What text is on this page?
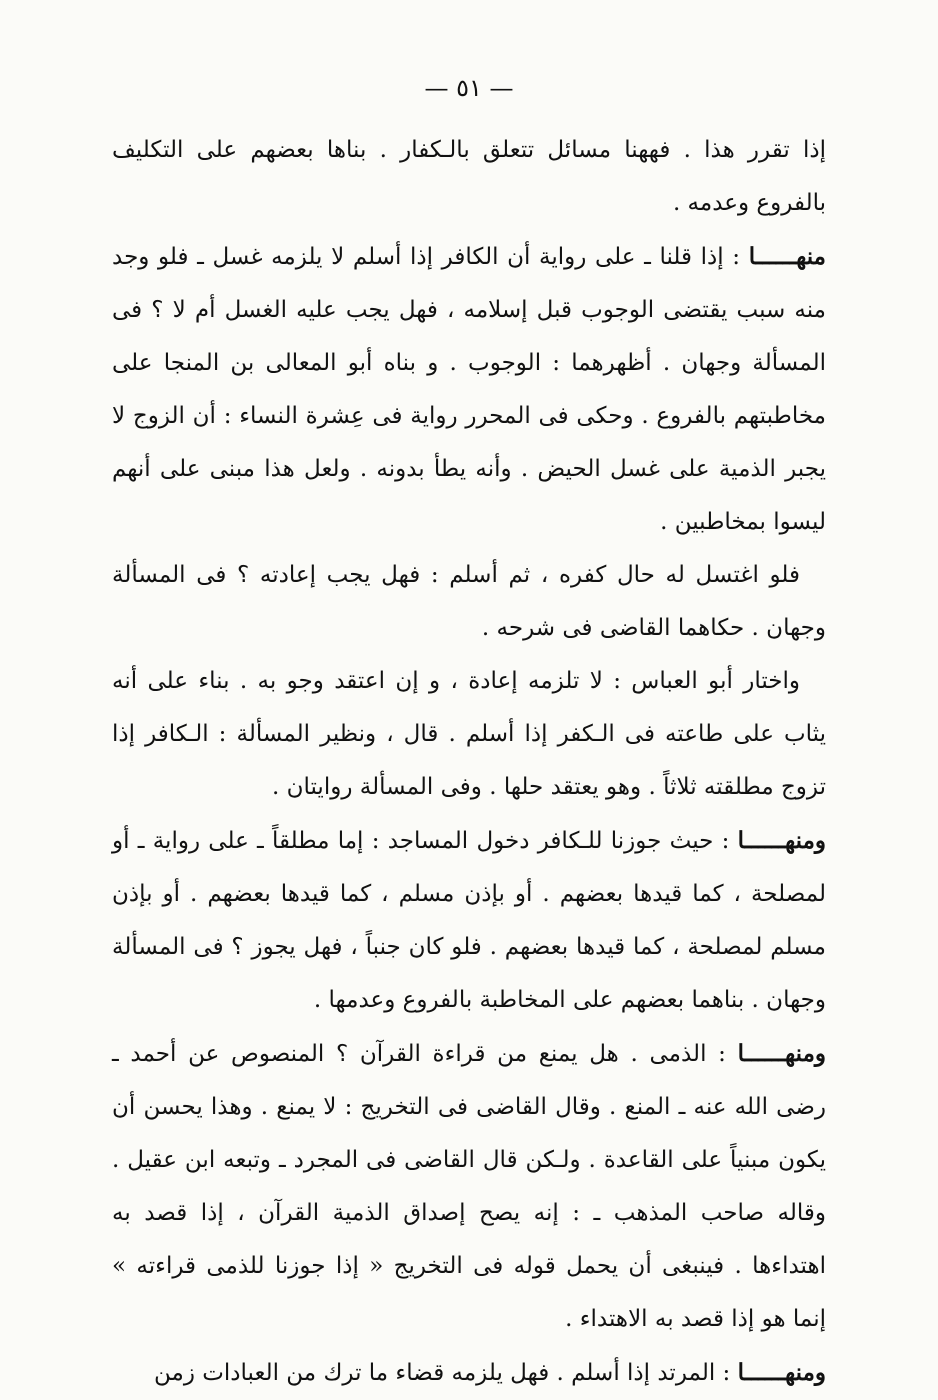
— ٥١ —

إذا تقرر هذا . فههنا مسائل تتعلق بالـكفار . بناها بعضهم على التكليف بالفروع وعدمه .

منهــــــا : إذا قلنا ـ على رواية أن الكافر إذا أسلم لا يلزمه غسل ـ فلو وجد منه سبب يقتضى الوجوب قبل إسلامه ، فهل يجب عليه الغسل أم لا ؟ فى المسألة وجهان . أظهرهما : الوجوب . و بناه أبو المعالى بن المنجا على مخاطبتهم بالفروع . وحكى فى المحرر رواية فى عِشرة النساء : أن الزوج لا يجبر الذمية على غسل الحيض . وأنه يطأ بدونه . ولعل هذا مبنى على أنهم ليسوا بمخاطبين .

فلو اغتسل له حال كفره ، ثم أسلم : فهل يجب إعادته ؟ فى المسألة وجهان . حكاهما القاضى فى شرحه .

واختار أبو العباس : لا تلزمه إعادة ، و إن اعتقد وجو به . بناء على أنه يثاب على طاعته فى الـكفر إذا أسلم . قال ، ونظير المسألة : الـكافر إذا تزوج مطلقته ثلاثاً . وهو يعتقد حلها . وفى المسألة روايتان .

ومنهــــــا : حيث جوزنا للـكافر دخول المساجد : إما مطلقاً ـ على رواية ـ أو لمصلحة ، كما قيدها بعضهم . أو بإذن مسلم ، كما قيدها بعضهم . أو بإذن مسلم لمصلحة ، كما قيدها بعضهم . فلو كان جنباً ، فهل يجوز ؟ فى المسألة وجهان . بناهما بعضهم على المخاطبة بالفروع وعدمها .

ومنهــــــا : الذمى . هل يمنع من قراءة القرآن ؟ المنصوص عن أحمد ـ رضى الله عنه ـ المنع . وقال القاضى فى التخريج : لا يمنع . وهذا يحسن أن يكون مبنياً على القاعدة . ولـكن قال القاضى فى المجرد ـ وتبعه ابن عقيل . وقاله صاحب المذهب ـ : إنه يصح إصداق الذمية القرآن ، إذا قصد به اهتداءها . فينبغى أن يحمل قوله فى التخريج « إذا جوزنا للذمى قراءته » إنما هو إذا قصد به الاهتداء .

ومنهــــــا : المرتد إذا أسلم . فهل يلزمه قضاء ما ترك من العبادات زمن
